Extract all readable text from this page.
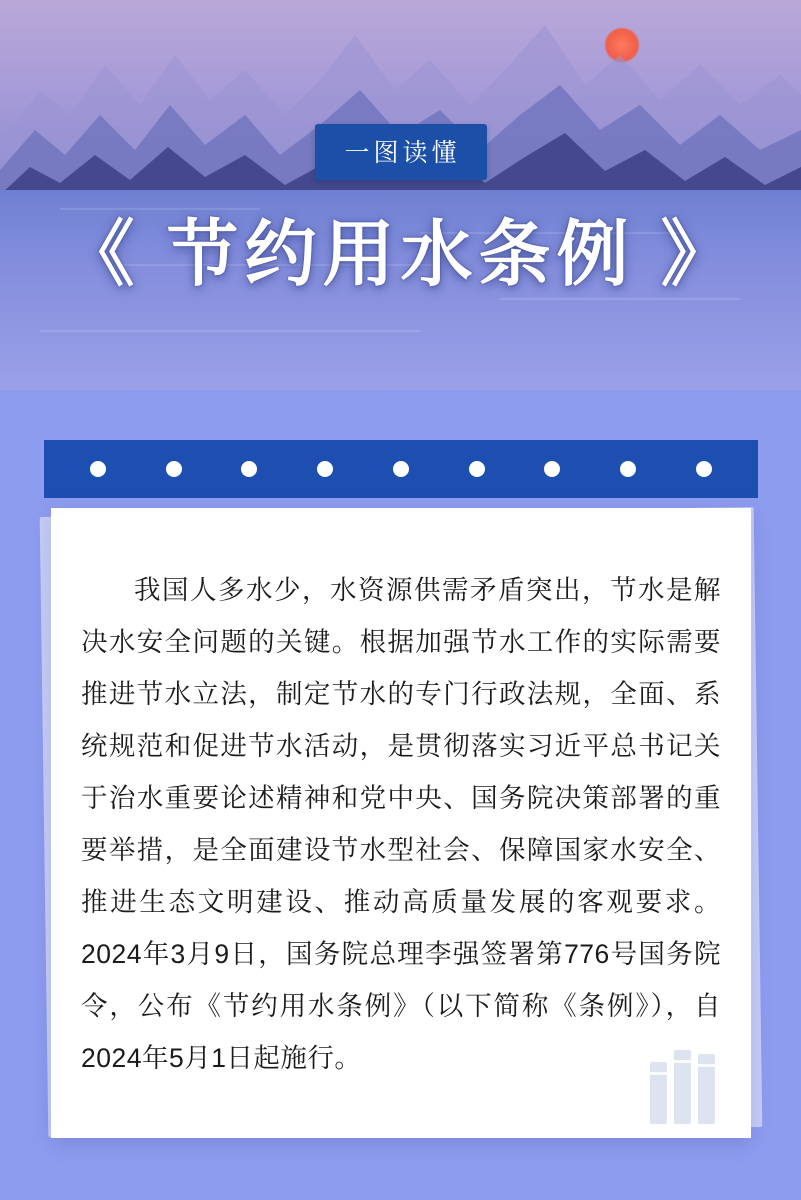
一图读懂
《 节约用水条例 》
我国人多水少，水资源供需矛盾突出，节水是解决水安全问题的关键。根据加强节水工作的实际需要推进节水立法，制定节水的专门行政法规，全面、系统规范和促进节水活动，是贯彻落实习近平总书记关于治水重要论述精神和党中央、国务院决策部署的重要举措，是全面建设节水型社会、保障国家水安全、推进生态文明建设、推动高质量发展的客观要求。2024年3月9日，国务院总理李强签署第776号国务院令，公布《节约用水条例》（以下简称《条例》），自2024年5月1日起施行。
